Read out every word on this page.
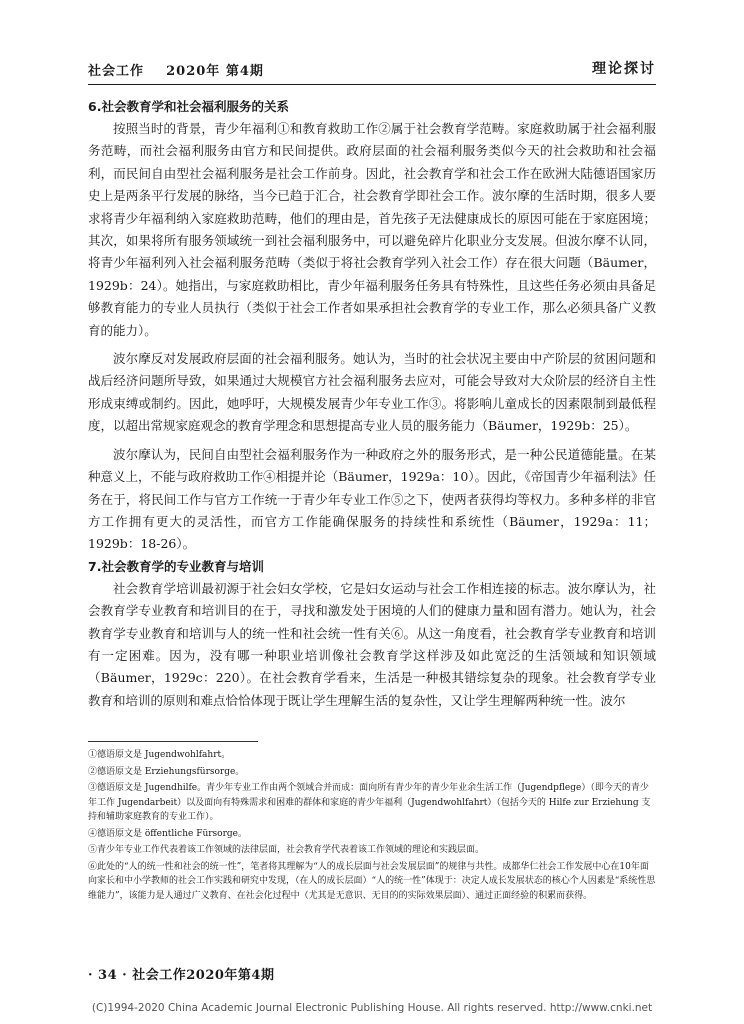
社会工作 2020年 第4期	理论探讨
6.社会教育学和社会福利服务的关系

按照当时的背景，青少年福利①和教育救助工作②属于社会教育学范畴。家庭救助属于社会福利服务范畴，而社会福利服务由官方和民间提供。政府层面的社会福利服务类似今天的社会救助和社会福利，而民间自由型社会福利服务是社会工作前身。因此，社会教育学和社会工作在欧洲大陆德语国家历史上是两条平行发展的脉络，当今已趋于汇合，社会教育学即社会工作。波尔摩的生活时期，很多人要求将青少年福利纳入家庭救助范畴，他们的理由是，首先孩子无法健康成长的原因可能在于家庭困境；其次，如果将所有服务领域统一到社会福利服务中，可以避免碎片化职业分支发展。但波尔摩不认同，将青少年福利列入社会福利服务范畴（类似于将社会教育学列入社会工作）存在很大问题（Bäumer，1929b：24）。她指出，与家庭救助相比，青少年福利服务任务具有特殊性，且这些任务必须由具备足够教育能力的专业人员执行（类似于社会工作者如果承担社会教育学的专业工作，那么必须具备广义教育的能力）。

波尔摩反对发展政府层面的社会福利服务。她认为，当时的社会状况主要由中产阶层的贫困问题和战后经济问题所导致，如果通过大规模官方社会福利服务去应对，可能会导致对大众阶层的经济自主性形成束缚或制约。因此，她呼吁，大规模发展青少年专业工作③。将影响儿童成长的因素限制到最低程度，以超出常规家庭观念的教育学理念和思想提高专业人员的服务能力（Bäumer，1929b：25）。

波尔摩认为，民间自由型社会福利服务作为一种政府之外的服务形式，是一种公民道德能量。在某种意义上，不能与政府救助工作④相提并论（Bäumer，1929a：10）。因此，《帝国青少年福利法》任务在于，将民间工作与官方工作统一于青少年专业工作⑤之下，使两者获得均等权力。多种多样的非官方工作拥有更大的灵活性，而官方工作能确保服务的持续性和系统性（Bäumer，1929a：11；1929b：18-26）。

7.社会教育学的专业教育与培训

社会教育学培训最初源于社会妇女学校，它是妇女运动与社会工作相连接的标志。波尔摩认为，社会教育学专业教育和培训目的在于，寻找和激发处于困境的人们的健康力量和固有潜力。她认为，社会教育学专业教育和培训与人的统一性和社会统一性有关⑥。从这一角度看，社会教育学专业教育和培训有一定困难。因为，没有哪一种职业培训像社会教育学这样涉及如此宽泛的生活领域和知识领域（Bäumer，1929c：220）。在社会教育学看来，生活是一种极其错综复杂的现象。社会教育学专业教育和培训的原则和难点恰恰体现于既让学生理解生活的复杂性，又让学生理解两种统一性。波尔

①德语原文是 Jugendwohlfahrt。

②德语原文是 Erziehungsfürsorge。

③德语原文是 Jugendhilfe。青少年专业工作由两个领域合并而成：面向所有青少年的青少年业余生活工作（Jugendpflege）（即今天的青少年工作 Jugendarbeit）以及面向有特殊需求和困难的群体和家庭的青少年福利（Jugendwohlfahrt）（包括今天的 Hilfe zur Erziehung 支持和辅助家庭教育的专业工作）。

④德语原文是 öffentliche Fürsorge。

⑤青少年专业工作代表着该工作领域的法律层面，社会教育学代表着该工作领域的理论和实践层面。

⑥此处的“人的统一性和社会的统一性”，笔者将其理解为“人的成长层面与社会发展层面”的规律与共性。成都华仁社会工作发展中心在10年面向家长和中小学教师的社会工作实践和研究中发现，（在人的成长层面）“人的统一性”体现于：决定人成长发展状态的核心个人因素是“系统性思维能力”，该能力是人通过广义教育、在社会化过程中（尤其是无意识、无目的的实际效果层面）、通过正面经验的积累而获得。

· 34 · 社会工作2020年第4期
(C)1994-2020 China Academic Journal Electronic Publishing House. All rights reserved. http://www.cnki.net
